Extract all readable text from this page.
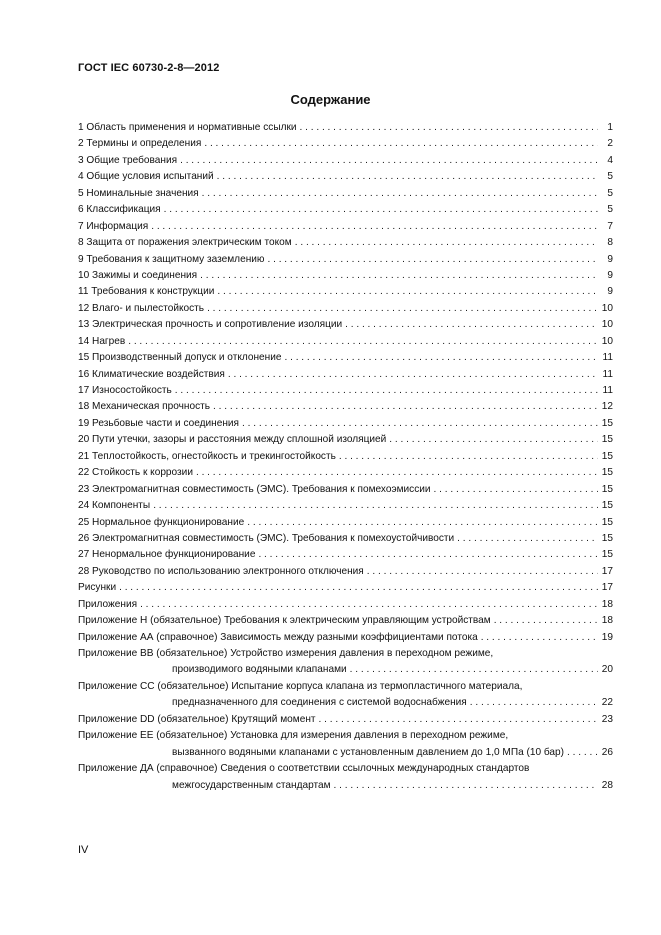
ГОСТ IEC 60730-2-8—2012
Содержание
1 Область применения и нормативные ссылки . . .	1
2 Термины и определения . . .	2
3 Общие требования . . .	4
4 Общие условия испытаний . . .	5
5 Номинальные значения . . .	5
6 Классификация . . .	5
7 Информация . . .	7
8 Защита от поражения электрическим током . . .	8
9 Требования к защитному заземлению . . .	9
10 Зажимы и соединения . . .	9
11 Требования к конструкции . . .	9
12 Влаго- и пылестойкость . . .	10
13 Электрическая прочность и сопротивление изоляции . . .	10
14 Нагрев . . .	10
15 Производственный допуск и отклонение . . .	11
16 Климатические воздействия . . .	11
17 Износостойкость . . .	11
18 Механическая прочность . . .	12
19 Резьбовые части и соединения . . .	15
20 Пути утечки, зазоры и расстояния между сплошной изоляцией . . .	15
21 Теплостойкость, огнестойкость и трекингостойкость . . .	15
22 Стойкость к коррозии . . .	15
23 Электромагнитная совместимость (ЭМС). Требования к помехоэмиссии . . .	15
24 Компоненты . . .	15
25 Нормальное функционирование . . .	15
26 Электромагнитная совместимость (ЭМС). Требования к помехоустойчивости . . .	15
27 Ненормальное функционирование . . .	15
28 Руководство по использованию электронного отключения . . .	17
Рисунки . . .	17
Приложения . . .	18
Приложение Н (обязательное) Требования к электрическим управляющим устройствам . . .	18
Приложение АА (справочное) Зависимость между разными коэффициентами потока . . .	19
Приложение ВВ (обязательное) Устройство измерения давления в переходном режиме,
производимого водяными клапанами . . .	20
Приложение СС (обязательное) Испытание корпуса клапана из термопластичного материала,
предназначенного для соединения с системой водоснабжения . . .	22
Приложение DD (обязательное) Крутящий момент . . .	23
Приложение ЕЕ (обязательное) Установка для измерения давления в переходном режиме,
вызванного водяными клапанами с установленным давлением до 1,0 МПа (10 бар) . . .	26
Приложение ДА (справочное) Сведения о соответствии ссылочных международных стандартов
межгосударственным стандартам . . .	28
IV
